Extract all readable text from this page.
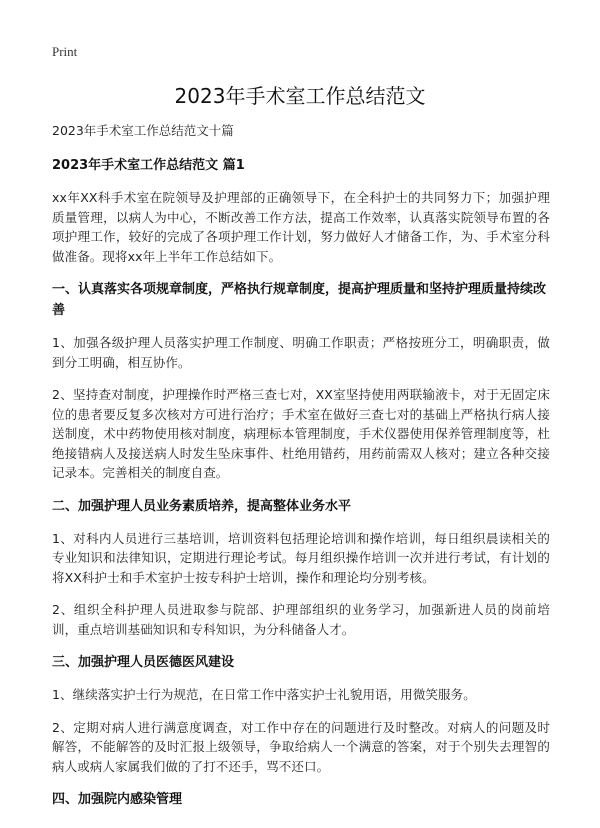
Print
2023年手术室工作总结范文

2023年手术室工作总结范文十篇

2023年手术室工作总结范文 篇1

xx年XX科手术室在院领导及护理部的正确领导下，在全科护士的共同努力下；加强护理质量管理，以病人为中心，不断改善工作方法，提高工作效率，认真落实院领导布置的各项护理工作，较好的完成了各项护理工作计划，努力做好人才储备工作，为、手术室分科做准备。现将xx年上半年工作总结如下。

一、认真落实各项规章制度，严格执行规章制度，提高护理质量和坚持护理质量持续改善

1、加强各级护理人员落实护理工作制度、明确工作职责；严格按班分工，明确职责，做到分工明确，相互协作。

2、坚持查对制度，护理操作时严格三查七对，XX室坚持使用两联输液卡，对于无固定床位的患者要反复多次核对方可进行治疗；手术室在做好三查七对的基础上严格执行病人接送制度，术中药物使用核对制度，病理标本管理制度，手术仪器使用保养管理制度等，杜绝接错病人及接送病人时发生坠床事件、杜绝用错药，用药前需双人核对；建立各种交接记录本。完善相关的制度自查。

二、加强护理人员业务素质培养，提高整体业务水平

1、对科内人员进行三基培训，培训资料包括理论培训和操作培训，每日组织晨读相关的专业知识和法律知识，定期进行理论考试。每月组织操作培训一次并进行考试，有计划的将XX科护士和手术室护士按专科护士培训，操作和理论均分别考核。

2、组织全科护理人员进取参与院部、护理部组织的业务学习，加强新进人员的岗前培训，重点培训基础知识和专科知识，为分科储备人才。

三、加强护理人员医德医风建设

1、继续落实护士行为规范，在日常工作中落实护士礼貌用语，用微笑服务。

2、定期对病人进行满意度调查，对工作中存在的问题进行及时整改。对病人的问题及时解答，不能解答的及时汇报上级领导，争取给病人一个满意的答案，对于个别失去理智的病人或病人家属我们做的了打不还手，骂不还口。

四、加强院内感染管理
